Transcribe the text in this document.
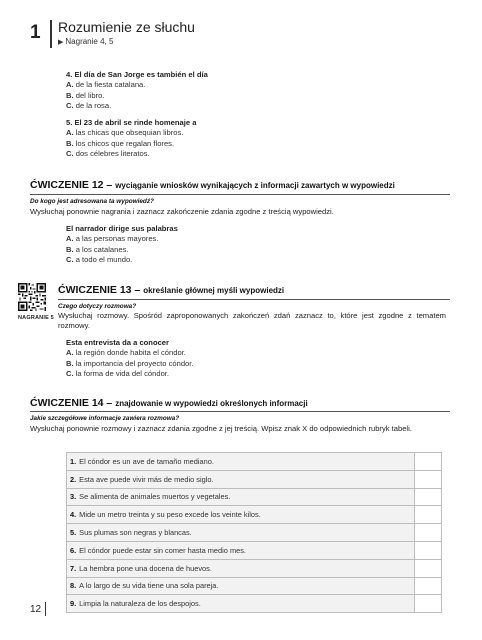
1 Rozumienie ze słuchu
▶ Nagranie 4, 5
4. El día de San Jorge es también el día
A. de la fiesta catalana.
B. del libro.
C. de la rosa.
5. El 23 de abril se rinde homenaje a
A. las chicas que obsequian libros.
B. los chicos que regalan flores.
C. dos célebres literatos.
ĆWICZENIE 12 – wyciąganie wniosków wynikających z informacji zawartych w wypowiedzi
Do kogo jest adresowana ta wypowiedź?
Wysłuchaj ponownie nagrania i zaznacz zakończenie zdania zgodne z treścią wypowiedzi.
El narrador dirige sus palabras
A. a las personas mayores.
B. a los catalanes.
C. a todo el mundo.
NAGRANIE 5
ĆWICZENIE 13 – określanie głównej myśli wypowiedzi
Czego dotyczy rozmowa?
Wysłuchaj rozmowy. Spośród zaproponowanych zakończeń zdań zaznacz to, które jest zgodne z tematem rozmowy.
Esta entrevista da a conocer
A. la región donde habita el cóndor.
B. la importancia del proyecto cóndor.
C. la forma de vida del cóndor.
ĆWICZENIE 14 – znajdowanie w wypowiedzi określonych informacji
Jakie szczegółowe informacje zawiera rozmowa?
Wysłuchaj ponownie rozmowy i zaznacz zdania zgodne z jej treścią. Wpisz znak X do odpowiednich rubryk tabeli.
1. El cóndor es un ave de tamaño mediano.	
2. Esta ave puede vivir más de medio siglo.	
3. Se alimenta de animales muertos y vegetales.	
4. Mide un metro treinta y su peso excede los veinte kilos.	
5. Sus plumas son negras y blancas.	
6. El cóndor puede estar sin comer hasta medio mes.	
7. La hembra pone una docena de huevos.	
8. A lo largo de su vida tiene una sola pareja.	
9. Limpia la naturaleza de los despojos.	
12
